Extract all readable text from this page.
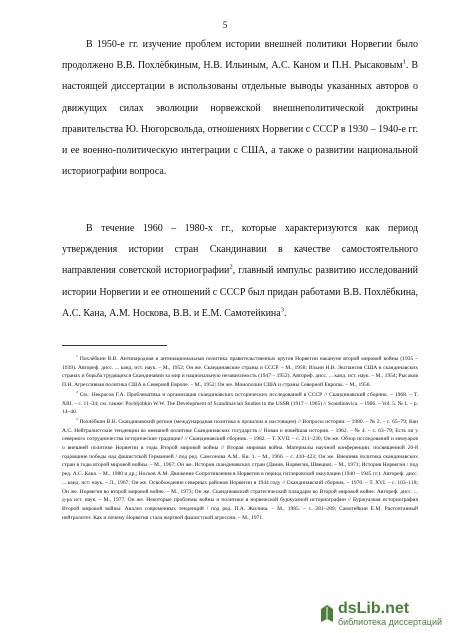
5

В 1950-е гг. изучение проблем истории внешней политики Норвегии было продолжено В.В. Похлёбкиным, Н.В. Ильиным, А.С. Каном и П.Н. Рысаковым$^1$. В настоящей диссертации в использованы отдельные выводы указанных авторов о движущих силах эволюции норвежской внешнеполитической доктрины правительства Ю. Нюгорсвольда, отношениях Норвегии с СССР в 1930 – 1940-е гг. и ее военно-политическую интеграции с США, а также о развитии национальной историографии вопроса.

В течение 1960 – 1980-х гг., которые характеризуются как период утверждения истории стран Скандинавии в качестве самостоятельного направления советской историографии$^2$, главный импульс развитию исследований истории Норвегии и ее отношений с СССР был придан работами В.В. Похлёбкина, А.С. Кана, А.М. Носкова, В.В. и Е.М. Самотейкина$^3$.

$^1$ Похлёбкин В.В. Антинародная и антинациональная политика правительственных кругов Норвегии накануне второй мировой войны (1935 – 1939). Автореф. дисс. ... канд. ист. наук. – М., 1952; Он же. Скандинавские страны и СССР. – М., 1958; Ильин Н.В. Экспансия США в скандинавских странах и борьба трудящихся Скандинавии за мир и национальную независимость (1947 – 1952). Автореф. дисс. ... канд. ист. наук. – М., 1954; Рысаков П.Н. Агрессивная политика США в Северной Европе. – М., 1952; Он же. Монополии США и страны Северной Европы. – М., 1956.

$^2$ См.: Некрасов Г.А. Проблематика и организация скандинавских исторических исследований в СССР // Скандинавский сборник. – 1968. – Т. XIII. – с. 11–34; см. также: Pochljobkin W.W. The Development of Scandinavian Studies in the USSR (1917 – 1965) // Scandinavica. – 1966. – Vol. 5. № 1. – p. 14–40.

$^3$ Похлёбкин В.В. Скандинавский регион (международная политика в прошлом и настоящем) // Вопросы истории. – 1980. – № 2. – с. 65–79; Кан А.С. Нейтралистские тенденции во внешней политике Скандинавских государств // Новая и новейшая история. – 1962. – № 4. – с. 63–79; Есть ли у северного сотрудничества исторические традиции? // Скандинавский сборник. – 1982. – Т. XVII. – с. 211–230; Он же. Обзор исследований и мемуаров о внешней политике Норвегии в годы Второй мировой войны // Вторая мировая война. Материалы научной конференции, посвященной 20-й годовщине победы над фашистской Германией / под ред. Самсонова А.М.. Кн. 1. – М., 1966. – с. 410–423; Он же. Внешняя политика скандинавских стран в годы второй мировой войны. – М., 1967; Он же. История скандинавских стран (Дания, Норвегия, Швеция). – М., 1971; История Норвегии / под ред. А.С. Кана. – М., 1980 и др.; Носков А.М. Движение Сопротивления в Норвегии в период гитлеровской оккупации (1940 – 1945 гг.). Автореф. дисс. ... канд. ист. наук. – Л., 1967; Он же. Освобождение северных районов Норвегии в 1944 году // Скандинавский сборник. – 1970. – Т. XVI. – с. 103–118; Он же. Норвегия во второй мировой войне. – М., 1973; Он же. Скандинавский стратегический плацдарм во Второй мировой войне. Автореф. дисс. ... д-ра ист. наук. – М., 1977. Он же. Некоторые проблемы войны и политики в норвежской буржуазной историографии // Буржуазная историография Второй мировой войны: Анализ современных тенденций / под ред. П.А. Жилина. – М., 1985. – с. 281–289; Самотейкин Е.М. Растоптанный нейтралитет. Как и почему Норвегия стала жертвой фашистской агрессии. – М., 1971.

dsLib.net
библиотека диссертаций
